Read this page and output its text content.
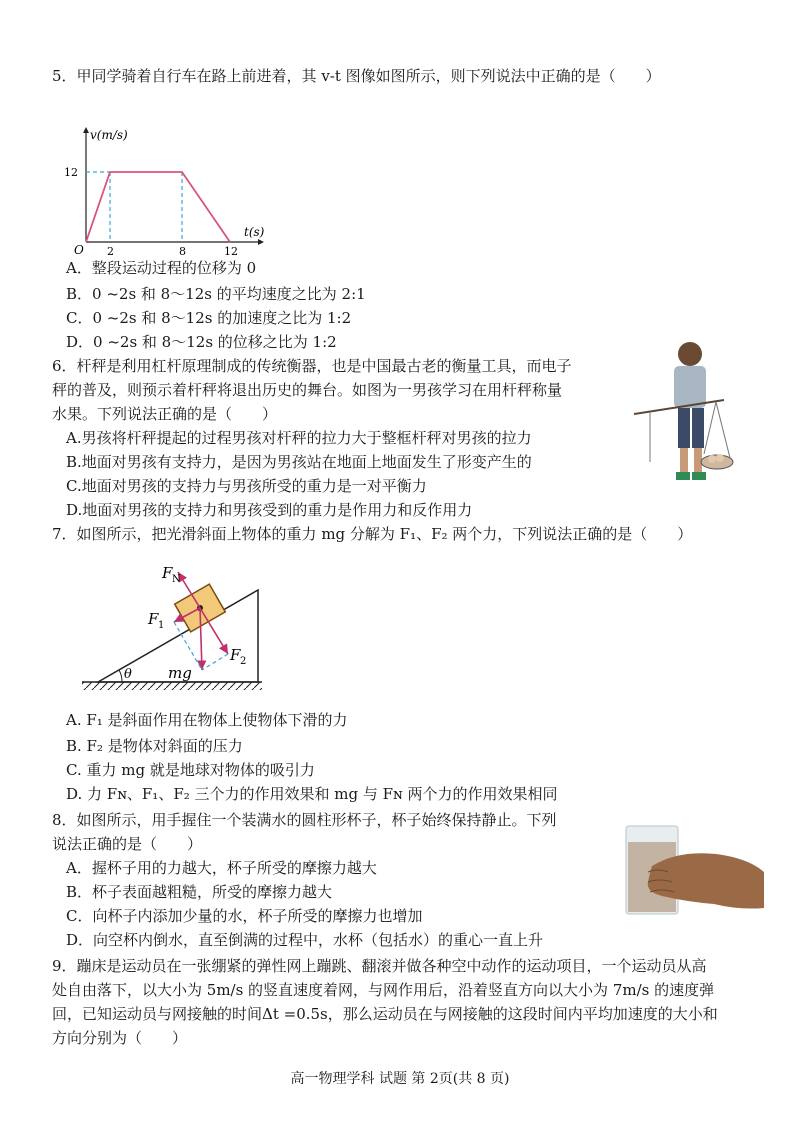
5．甲同学骑着自行车在路上前进着，其 v-t 图像如图所示，则下列说法中正确的是（　　）
t(s)
v(m/s)
O 2	8	12
12
A．整段运动过程的位移为 0
B．0 ~2s 和 8～12s 的平均速度之比为 2:1
C．0 ~2s 和 8～12s 的加速度之比为 1:2
D．0 ~2s 和 8～12s 的位移之比为 1:2
6．杆秤是利用杠杆原理制成的传统衡器，也是中国最古老的衡量工具，而电子
秤的普及，则预示着杆秤将退出历史的舞台。如图为一男孩学习在用杆秤称量
水果。下列说法正确的是（　　）
A.男孩将杆秤提起的过程男孩对杆秤的拉力大于整框杆秤对男孩的拉力
B.地面对男孩有支持力，是因为男孩站在地面上地面发生了形变产生的
C.地面对男孩的支持力与男孩所受的重力是一对平衡力
D.地面对男孩的支持力和男孩受到的重力是作用力和反作用力
7．如图所示，把光滑斜面上物体的重力 mg 分解为 F₁、F₂ 两个力，下列说法正确的是（　　）
θ
F N
F 1
F 2
mg
A. F₁ 是斜面作用在物体上使物体下滑的力
B. F₂ 是物体对斜面的压力
C. 重力 mg 就是地球对物体的吸引力
D. 力 Fɴ、F₁、F₂ 三个力的作用效果和 mg 与 Fɴ 两个力的作用效果相同
8．如图所示，用手握住一个装满水的圆柱形杯子，杯子始终保持静止。下列
说法正确的是（　　）
A．握杯子用的力越大，杯子所受的摩擦力越大
B．杯子表面越粗糙，所受的摩擦力越大
C．向杯子内添加少量的水，杯子所受的摩擦力也增加
D．向空杯内倒水，直至倒满的过程中，水杯（包括水）的重心一直上升
9．蹦床是运动员在一张绷紧的弹性网上蹦跳、翻滚并做各种空中动作的运动项目，一个运动员从高
处自由落下，以大小为 5m/s 的竖直速度着网，与网作用后，沿着竖直方向以大小为 7m/s 的速度弹
回，已知运动员与网接触的时间Δt =0.5s，那么运动员在与网接触的这段时间内平均加速度的大小和
方向分别为（　　）
高一物理学科 试题 第 2页(共 8 页)
